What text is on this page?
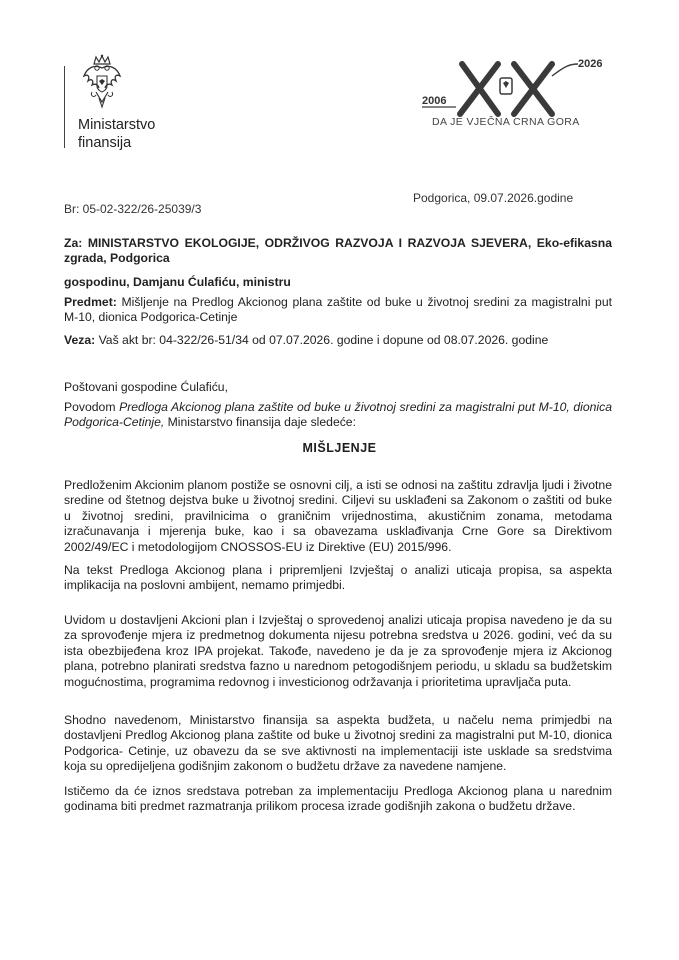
Ministarstvo
finansija
2026
2006
DA JE VJEČNA CRNA GORA
Br: 05-02-322/26-25039/3
Podgorica, 09.07.2026.godine
Za: MINISTARSTVO EKOLOGIJE, ODRŽIVOG RAZVOJA I RAZVOJA SJEVERA, Eko-efikasna zgrada, Podgorica
gospodinu, Damjanu Ćulafiću, ministru
Predmet: Mišljenje na Predlog Akcionog plana zaštite od buke u životnoj sredini za magistralni put M-10, dionica Podgorica-Cetinje
Veza: Vaš akt br: 04-322/26-51/34 od 07.07.2026. godine i dopune od 08.07.2026. godine
Poštovani gospodine Ćulafiću,
Povodom Predloga Akcionog plana zaštite od buke u životnoj sredini za magistralni put M-10, dionica Podgorica-Cetinje, Ministarstvo finansija daje sledeće:
MIŠLJENJE
Predloženim Akcionim planom postiže se osnovni cilj, a isti se odnosi na zaštitu zdravlja ljudi i životne sredine od štetnog dejstva buke u životnoj sredini. Ciljevi su usklađeni sa Zakonom o zaštiti od buke u životnoj sredini, pravilnicima o graničnim vrijednostima, akustičnim zonama, metodama izračunavanja i mjerenja buke, kao i sa obavezama usklađivanja Crne Gore sa Direktivom 2002/49/EC i metodologijom CNOSSOS-EU iz Direktive (EU) 2015/996.
Na tekst Predloga Akcionog plana i pripremljeni Izvještaj o analizi uticaja propisa, sa aspekta implikacija na poslovni ambijent, nemamo primjedbi.
Uvidom u dostavljeni Akcioni plan i Izvještaj o sprovedenoj analizi uticaja propisa navedeno je da su za sprovođenje mjera iz predmetnog dokumenta nijesu potrebna sredstva u 2026. godini, već da su ista obezbijeđena kroz IPA projekat. Takođe, navedeno je da je za sprovođenje mjera iz Akcionog plana, potrebno planirati sredstva fazno u narednom petogodišnjem periodu, u skladu sa budžetskim mogućnostima, programima redovnog i investicionog održavanja i prioritetima upravljača puta.
Shodno navedenom, Ministarstvo finansija sa aspekta budžeta, u načelu nema primjedbi na dostavljeni Predlog Akcionog plana zaštite od buke u životnoj sredini za magistralni put M-10, dionica Podgorica- Cetinje, uz obavezu da se sve aktivnosti na implementaciji iste uskladе sa sredstvima koja su opredijeljena godišnjim zakonom o budžetu države za navedene namjene.
Ističemo da će iznos sredstava potreban za implementaciju Predloga Akcionog plana u narednim godinama biti predmet razmatranja prilikom procesa izrade godišnjih zakona o budžetu države.
